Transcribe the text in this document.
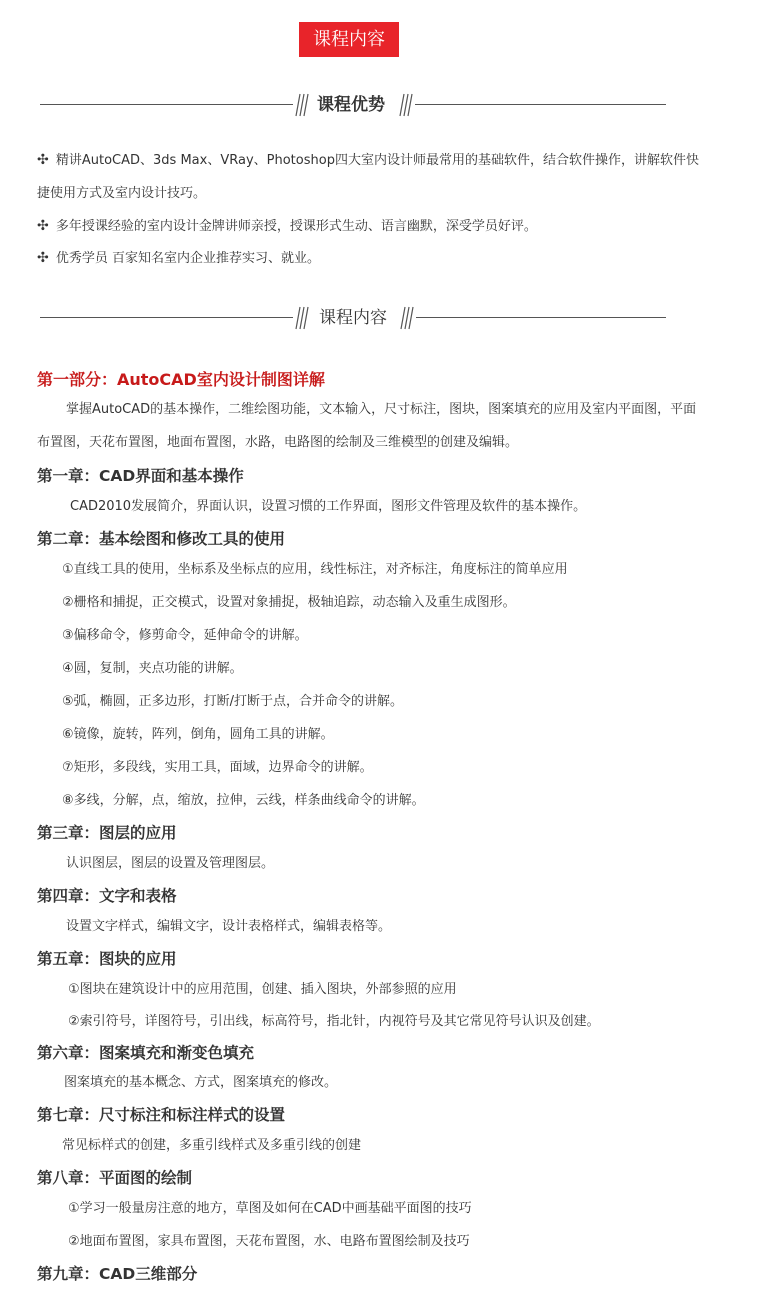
课程内容
课程优势
✣ 精讲AutoCAD、3ds Max、VRay、Photoshop四大室内设计师最常用的基础软件，结合软件操作，讲解软件快
捷使用方式及室内设计技巧。
✣ 多年授课经验的室内设计金牌讲师亲授，授课形式生动、语言幽默，深受学员好评。
✣ 优秀学员 百家知名室内企业推荐实习、就业。
课程内容
第一部分：AutoCAD室内设计制图详解
掌握AutoCAD的基本操作，二维绘图功能，文本输入，尺寸标注，图块，图案填充的应用及室内平面图，平面
布置图，天花布置图，地面布置图，水路，电路图的绘制及三维模型的创建及编辑。
第一章：CAD界面和基本操作
CAD2010发展简介，界面认识，设置习惯的工作界面，图形文件管理及软件的基本操作。
第二章：基本绘图和修改工具的使用
①直线工具的使用，坐标系及坐标点的应用，线性标注，对齐标注，角度标注的简单应用
②栅格和捕捉，正交模式，设置对象捕捉，极轴追踪，动态输入及重生成图形。
③偏移命令，修剪命令，延伸命令的讲解。
④圆，复制，夹点功能的讲解。
⑤弧，椭圆，正多边形，打断/打断于点，合并命令的讲解。
⑥镜像，旋转，阵列，倒角，圆角工具的讲解。
⑦矩形，多段线，实用工具，面域，边界命令的讲解。
⑧多线，分解，点，缩放，拉伸，云线，样条曲线命令的讲解。
第三章：图层的应用
认识图层，图层的设置及管理图层。
第四章：文字和表格
设置文字样式，编辑文字，设计表格样式，编辑表格等。
第五章：图块的应用
①图块在建筑设计中的应用范围，创建、插入图块，外部参照的应用
②索引符号，详图符号，引出线，标高符号，指北针，内视符号及其它常见符号认识及创建。
第六章：图案填充和渐变色填充
图案填充的基本概念、方式，图案填充的修改。
第七章：尺寸标注和标注样式的设置
常见标样式的创建，多重引线样式及多重引线的创建
第八章：平面图的绘制
①学习一般量房注意的地方，草图及如何在CAD中画基础平面图的技巧
②地面布置图，家具布置图，天花布置图，水、电路布置图绘制及技巧
第九章：CAD三维部分
